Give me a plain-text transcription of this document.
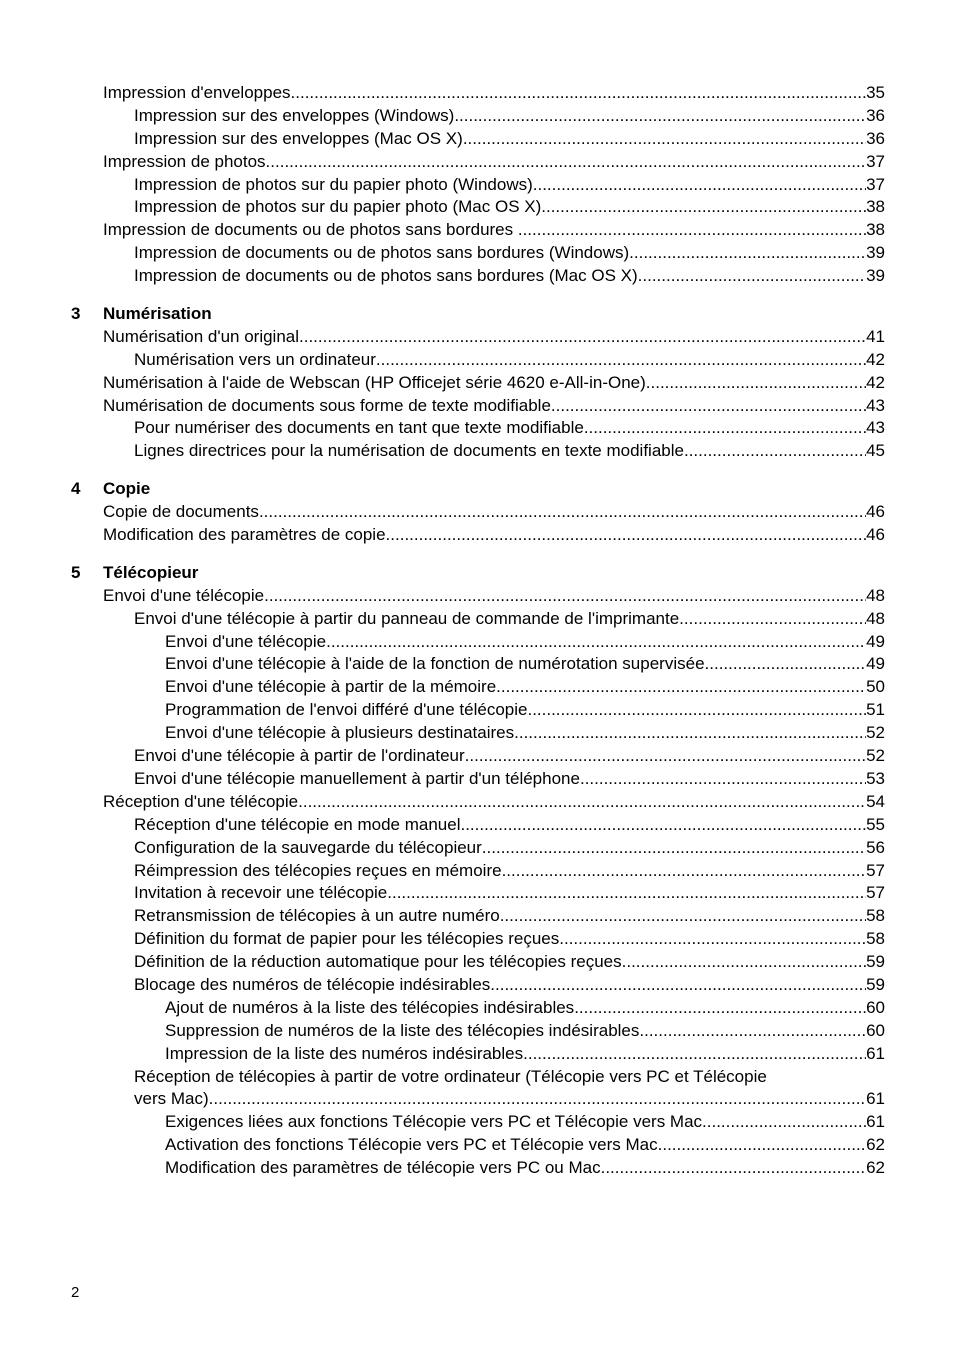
Impression d'enveloppes .....	35
Impression sur des enveloppes (Windows) .....	36
Impression sur des enveloppes (Mac OS X) .....	36
Impression de photos .....	37
Impression de photos sur du papier photo (Windows) .....	37
Impression de photos sur du papier photo (Mac OS X) .....	38
Impression de documents ou de photos sans bordures .....	38
Impression de documents ou de photos sans bordures (Windows) .....	39
Impression de documents ou de photos sans bordures (Mac OS X) .....	39
3 Numérisation
Numérisation d'un original .....	41
Numérisation vers un ordinateur .....	42
Numérisation à l'aide de Webscan (HP Officejet série 4620 e-All-in-One) .....	42
Numérisation de documents sous forme de texte modifiable .....	43
Pour numériser des documents en tant que texte modifiable .....	43
Lignes directrices pour la numérisation de documents en texte modifiable .....	45
4 Copie
Copie de documents .....	46
Modification des paramètres de copie .....	46
5 Télécopieur
Envoi d'une télécopie .....	48
Envoi d'une télécopie à partir du panneau de commande de l'imprimante .....	48
Envoi d'une télécopie .....	49
Envoi d'une télécopie à l'aide de la fonction de numérotation supervisée .....	49
Envoi d'une télécopie à partir de la mémoire .....	50
Programmation de l'envoi différé d'une télécopie .....	51
Envoi d'une télécopie à plusieurs destinataires .....	52
Envoi d'une télécopie à partir de l'ordinateur .....	52
Envoi d'une télécopie manuellement à partir d'un téléphone .....	53
Réception d'une télécopie .....	54
Réception d'une télécopie en mode manuel .....	55
Configuration de la sauvegarde du télécopieur .....	56
Réimpression des télécopies reçues en mémoire .....	57
Invitation à recevoir une télécopie .....	57
Retransmission de télécopies à un autre numéro .....	58
Définition du format de papier pour les télécopies reçues .....	58
Définition de la réduction automatique pour les télécopies reçues .....	59
Blocage des numéros de télécopie indésirables .....	59
Ajout de numéros à la liste des télécopies indésirables .....	60
Suppression de numéros de la liste des télécopies indésirables .....	60
Impression de la liste des numéros indésirables .....	61
Réception de télécopies à partir de votre ordinateur (Télécopie vers PC et Télécopie
vers Mac) .....	61
Exigences liées aux fonctions Télécopie vers PC et Télécopie vers Mac .....	61
Activation des fonctions Télécopie vers PC et Télécopie vers Mac .....	62
Modification des paramètres de télécopie vers PC ou Mac .....	62
2
